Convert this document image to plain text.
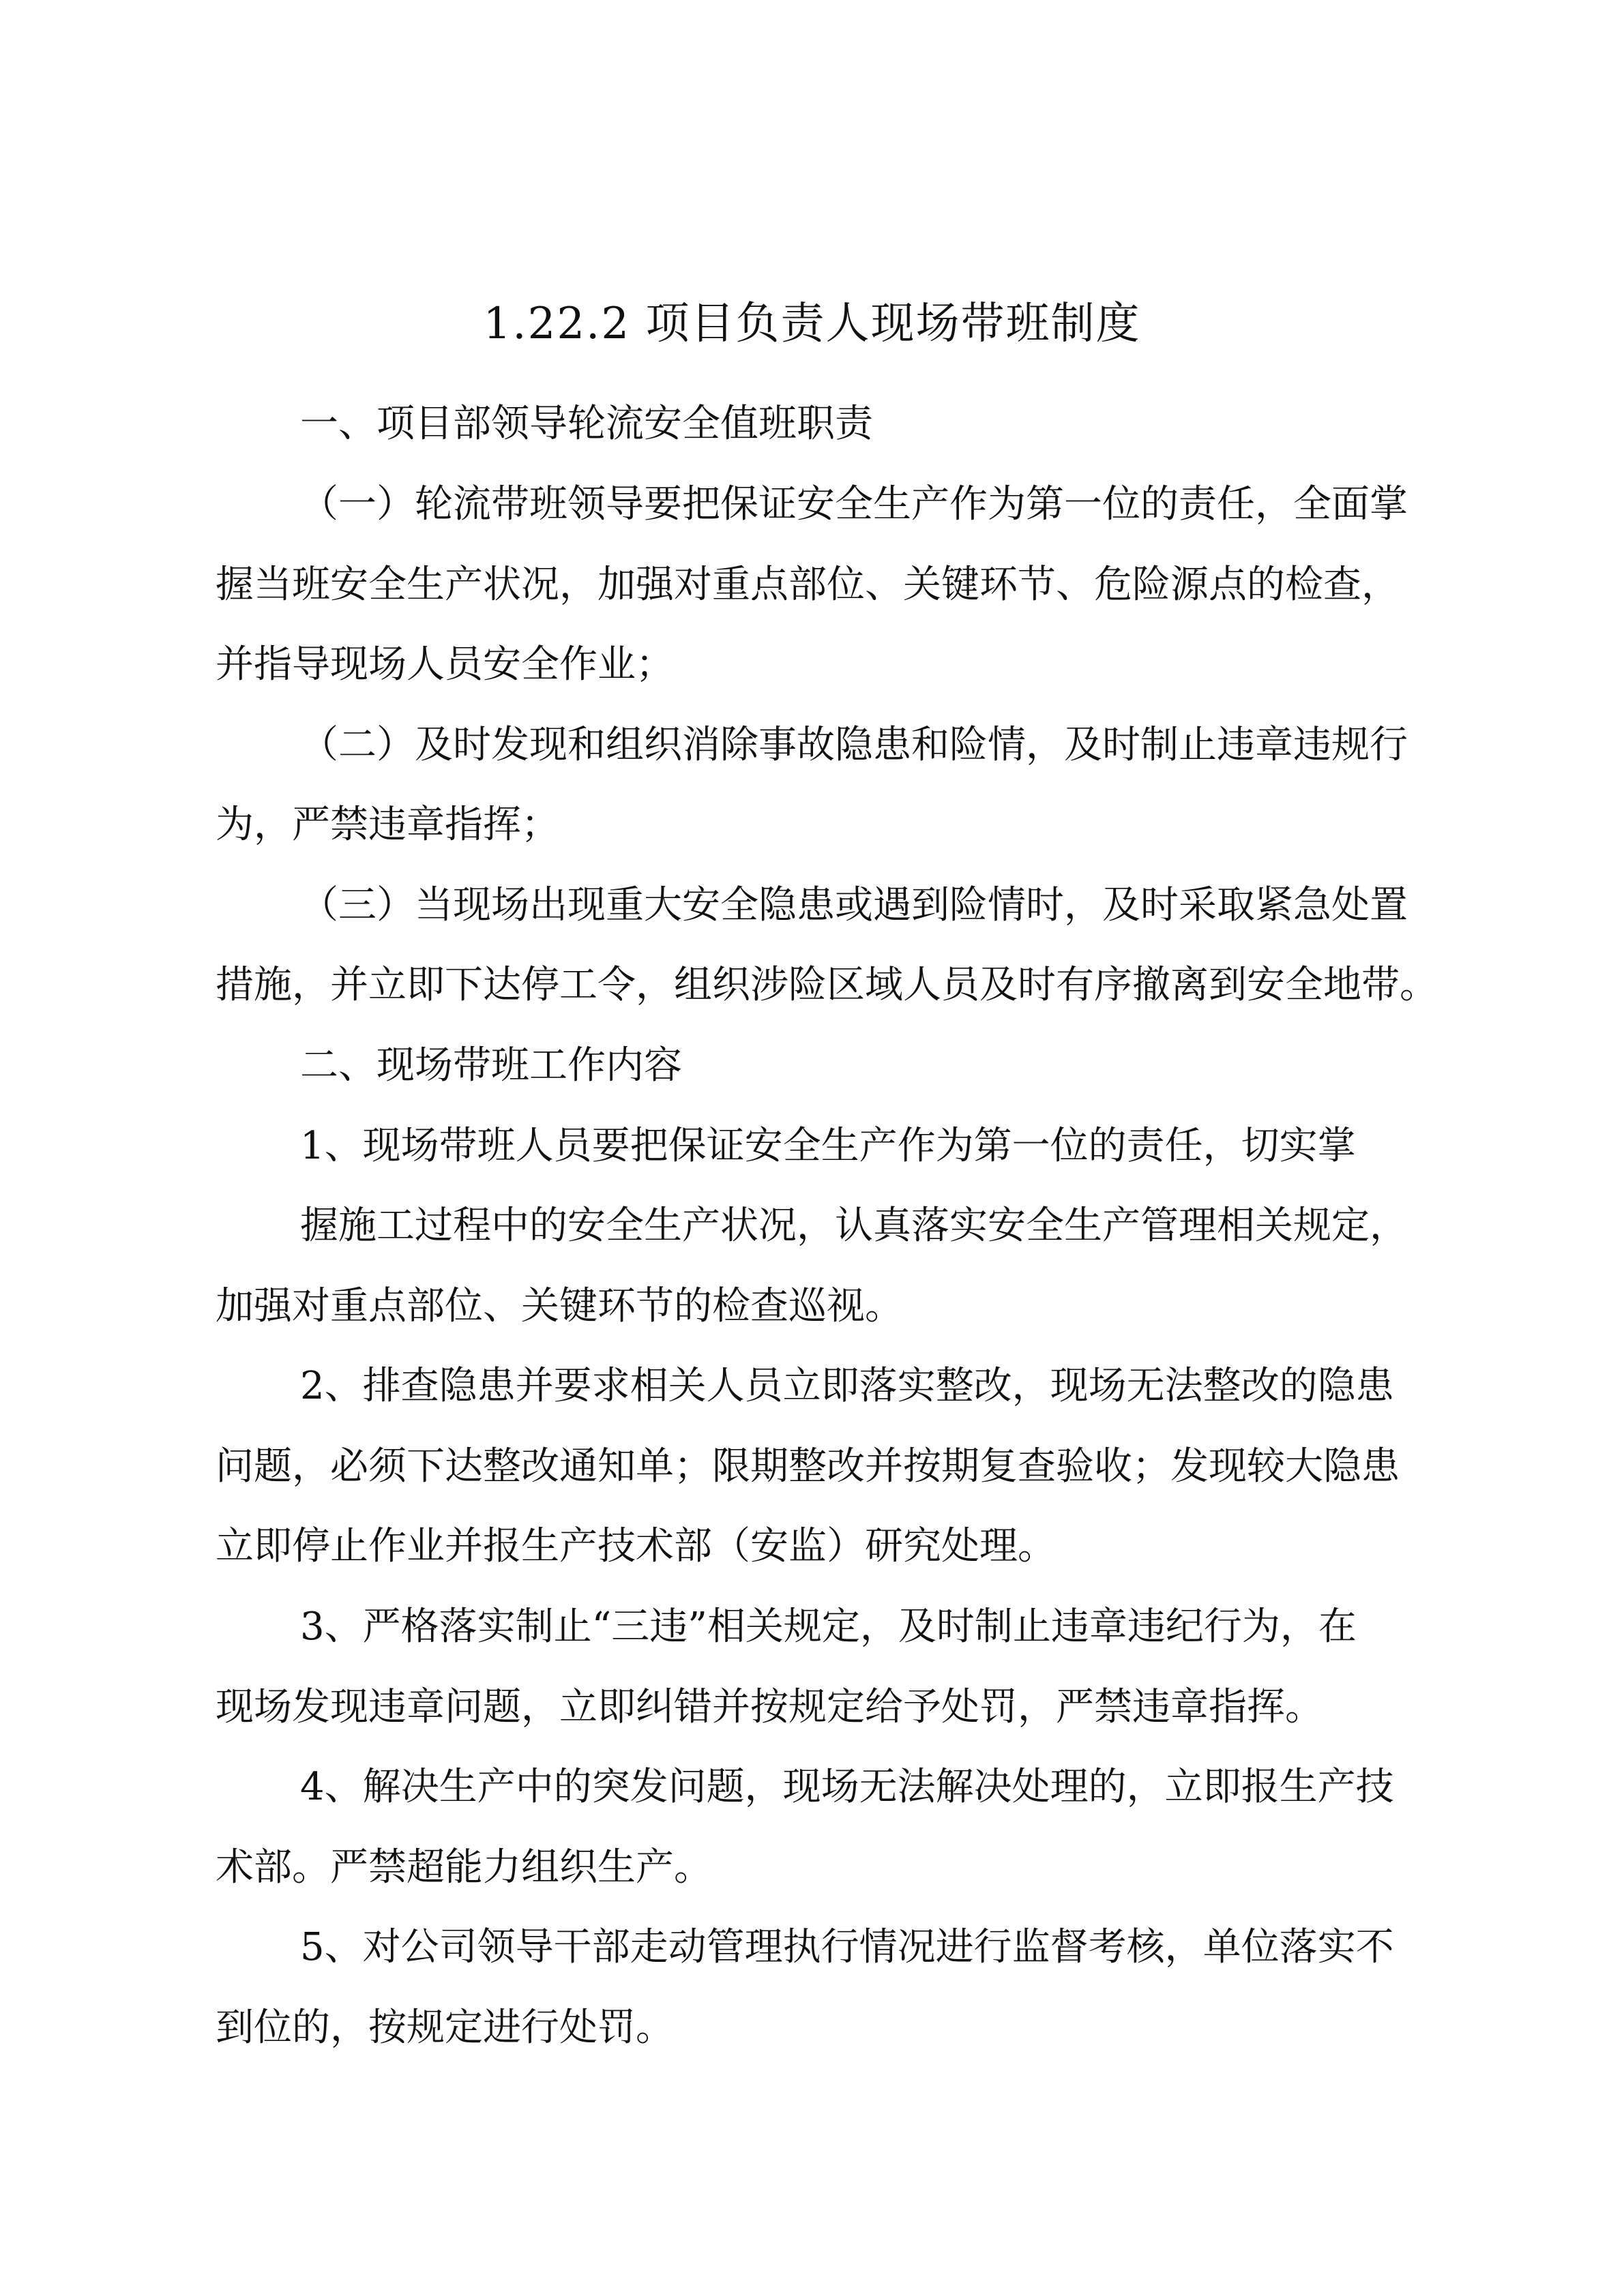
1.22.2 项目负责人现场带班制度
一、项目部领导轮流安全值班职责
（一）轮流带班领导要把保证安全生产作为第一位的责任，全面掌
握当班安全生产状况，加强对重点部位、关键环节、危险源点的检查，
并指导现场人员安全作业；
（二）及时发现和组织消除事故隐患和险情，及时制止违章违规行
为，严禁违章指挥；
（三）当现场出现重大安全隐患或遇到险情时，及时采取紧急处置
措施，并立即下达停工令，组织涉险区域人员及时有序撤离到安全地带。
二、现场带班工作内容
1、现场带班人员要把保证安全生产作为第一位的责任，切实掌
握施工过程中的安全生产状况，认真落实安全生产管理相关规定，
加强对重点部位、关键环节的检查巡视。
2、排查隐患并要求相关人员立即落实整改，现场无法整改的隐患
问题，必须下达整改通知单；限期整改并按期复查验收；发现较大隐患
立即停止作业并报生产技术部（安监）研究处理。
3、严格落实制止“三违”相关规定，及时制止违章违纪行为，在
现场发现违章问题，立即纠错并按规定给予处罚，严禁违章指挥。
4、解决生产中的突发问题，现场无法解决处理的，立即报生产技
术部。严禁超能力组织生产。
5、对公司领导干部走动管理执行情况进行监督考核，单位落实不
到位的，按规定进行处罚。
